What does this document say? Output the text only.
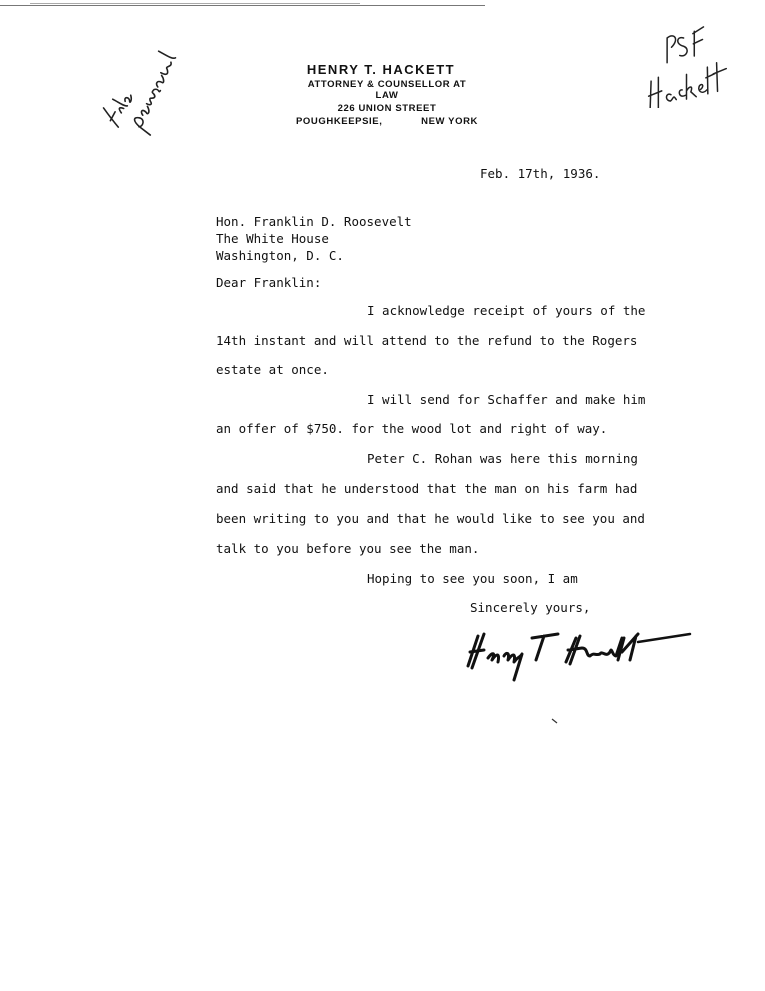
HENRY T. HACKETT
ATTORNEY & COUNSELLOR AT LAW
226 UNION STREET
POUGHKEEPSIE,	NEW YORK
Feb. 17th, 1936.
Hon. Franklin D. Roosevelt
The White House
Washington, D. C.
Dear Franklin:
I acknowledge receipt of yours of the
14th instant and will attend to the refund to the Rogers
estate at once.
I will send for Schaffer and make him
an offer of $750. for the wood lot and right of way.
Peter C. Rohan was here this morning
and said that he understood that the man on his farm had
been writing to you and that he would like to see you and
talk to you before you see the man.
Hoping to see you soon, I am
Sincerely yours,
